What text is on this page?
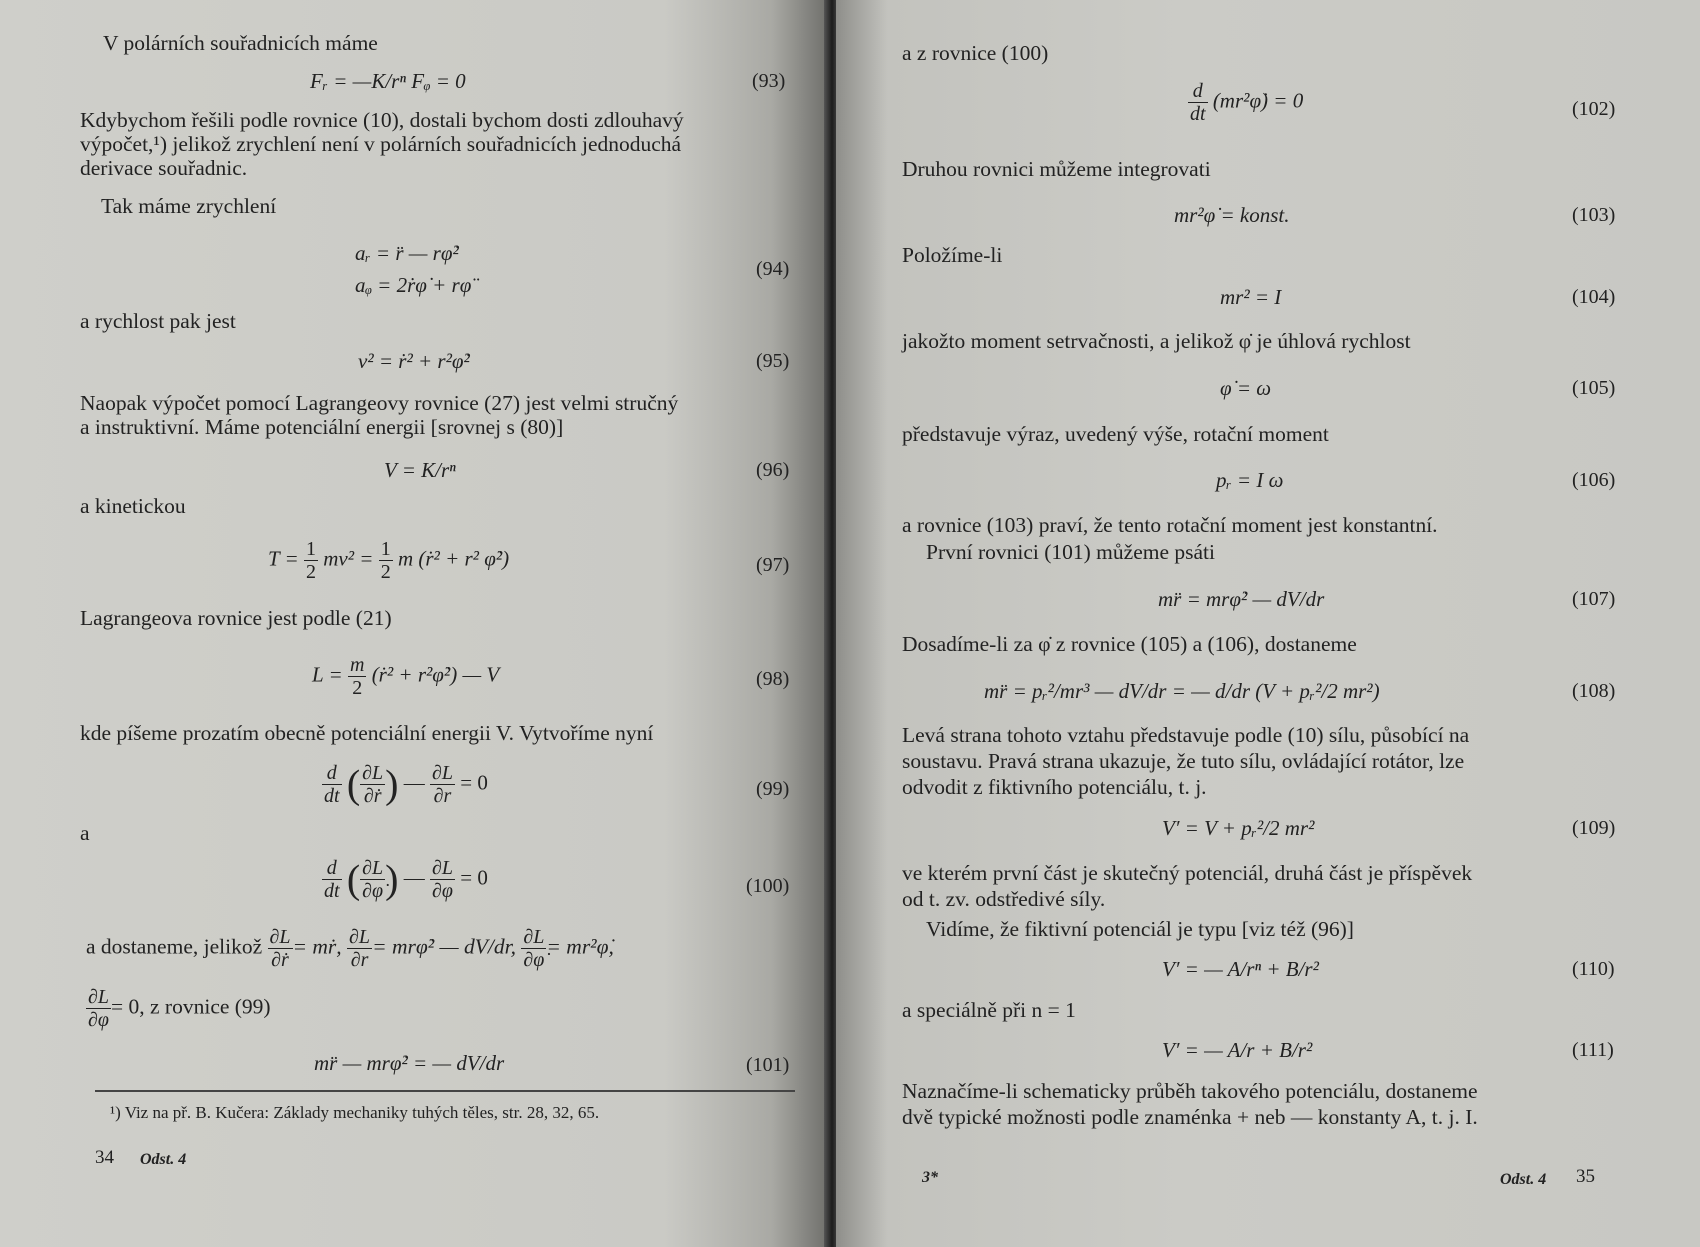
V polárních souřadnicích máme
Fᵣ = —K/rⁿ Fᵩ = 0	(93)
Kdybychom řešili podle rovnice (10), dostali bychom dosti zdlouhavý
výpočet,¹) jelikož zrychlení není v polárních souřadnicích jednoduchá
derivace souřadnic.
Tak máme zrychlení
aᵣ = r̈ — rφ̇²
aᵩ = 2ṙφ̇ + rφ̈
(94)
a rychlost pak jest
v² = ṙ² + r²φ̇²	(95)
Naopak výpočet pomocí Lagrangeovy rovnice (27) jest velmi stručný
a instruktivní. Máme potenciální energii [srovnej s (80)]
V = K/rⁿ	(96)
a kinetickou
$T = \frac{1}{2} mv^2 = \frac{1}{2}$ m (ṙ² + r² φ̇²)	(97)
Lagrangeova rovnice jest podle (21)
$L = \frac{m}{2}$ (ṙ² + r²φ̇²) — V	(98)
kde píšeme prozatím obecně potenciální energii V. Vytvoříme nyní
$\frac{d}{dt}$ ( $\frac{\partial L}{\partial ṙ}$ ) — $\frac{\partial L}{\partial r} = 0$	(99)
a
$\frac{d}{dt}$ ( $\frac{\partial L}{\partial\varphi̇}$ ) — $\frac{\partial L}{\partial\varphi} = 0$	(100)
a dostaneme, jelikož $\frac{\partial L}{\partial ṙ}$ = mṙ, $\frac{\partial L}{\partial r}$ = mrφ̇² — dV/dr, $\frac{\partial L}{\partial\varphi̇}$ = mr²φ̇,
$\frac{\partial L}{\partial\varphi} = 0$, z rovnice (99)
mr̈ — mrφ̇² = — dV/dr	(101)
¹) Viz na př. B. Kučera: Základy mechaniky tuhých těles, str. 28, 32, 65.
34 Odst. 4
a z rovnice (100)
$\frac{d}{dt}$ (mr²φ̇) = 0	(102)
Druhou rovnici můžeme integrovati
mr²φ̇ = konst.	(103)
Položíme-li
mr² = I	(104)
jakožto moment setrvačnosti, a jelikož φ̇ je úhlová rychlost
φ̇ = ω	(105)
představuje výraz, uvedený výše, rotační moment
pᵣ = I ω	(106)
a rovnice (103) praví, že tento rotační moment jest konstantní.
První rovnici (101) můžeme psáti
mr̈ = mrφ̇² — dV/dr	(107)
Dosadíme-li za φ̇ z rovnice (105) a (106), dostaneme
mr̈ = pᵣ²/mr³ — dV/dr = — d/dr (V + pᵣ²/2 mr²)	(108)
Levá strana tohoto vztahu představuje podle (10) sílu, působící na
soustavu. Pravá strana ukazuje, že tuto sílu, ovládající rotátor, lze
odvodit z fiktivního potenciálu, t. j.
V′ = V + pᵣ²/2 mr²	(109)
ve kterém první část je skutečný potenciál, druhá část je příspěvek
od t. zv. odstředivé síly.
Vidíme, že fiktivní potenciál je typu [viz též (96)]
V′ = — A/rⁿ + B/r²	(110)
a speciálně při n = 1
V′ = — A/r + B/r²	(111)
Naznačíme-li schematicky průběh takového potenciálu, dostaneme
dvě typické možnosti podle znaménka + neb — konstanty A, t. j. I.
3*	Odst. 4 35
